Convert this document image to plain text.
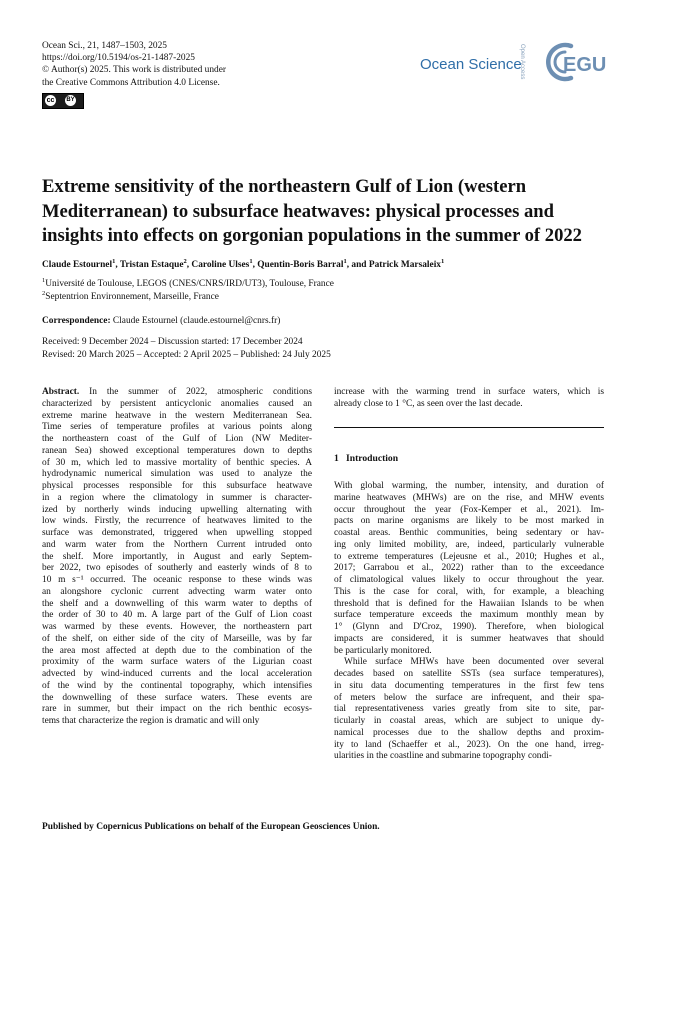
Ocean Sci., 21, 1487–1503, 2025
https://doi.org/10.5194/os-21-1487-2025
© Author(s) 2025. This work is distributed under
the Creative Commons Attribution 4.0 License.
cc BY
Ocean Science
Open Access EGU
Extreme sensitivity of the northeastern Gulf of Lion (western
Mediterranean) to subsurface heatwaves: physical processes and
insights into effects on gorgonian populations in the summer of 2022
Claude Estournel$^1$, Tristan Estaque$^2$, Caroline Ulses$^1$, Quentin-Boris Barral$^1$, and Patrick Marsaleix$^1$
$^1$Université de Toulouse, LEGOS (CNES/CNRS/IRD/UT3), Toulouse, France
$^2$Septentrion Environnement, Marseille, France
Correspondence: Claude Estournel (claude.estournel@cnrs.fr)
Received: 9 December 2024 – Discussion started: 17 December 2024
Revised: 20 March 2025 – Accepted: 2 April 2025 – Published: 24 July 2025
Abstract. In the summer of 2022, atmospheric conditions
characterized by persistent anticyclonic anomalies caused an
extreme marine heatwave in the western Mediterranean Sea.
Time series of temperature profiles at various points along
the northeastern coast of the Gulf of Lion (NW Mediter-
ranean Sea) showed exceptional temperatures down to depths
of 30 m, which led to massive mortality of benthic species. A
hydrodynamic numerical simulation was used to analyze the
physical processes responsible for this subsurface heatwave
in a region where the climatology in summer is character-
ized by northerly winds inducing upwelling alternating with
low winds. Firstly, the recurrence of heatwaves limited to the
surface was demonstrated, triggered when upwelling stopped
and warm water from the Northern Current intruded onto
the shelf. More importantly, in August and early Septem-
ber 2022, two episodes of southerly and easterly winds of 8 to
10 m s⁻¹ occurred. The oceanic response to these winds was
an alongshore cyclonic current advecting warm water onto
the shelf and a downwelling of this warm water to depths of
the order of 30 to 40 m. A large part of the Gulf of Lion coast
was warmed by these events. However, the northeastern part
of the shelf, on either side of the city of Marseille, was by far
the area most affected at depth due to the combination of the
proximity of the warm surface waters of the Ligurian coast
advected by wind-induced currents and the local acceleration
of the wind by the continental topography, which intensifies
the downwelling of these surface waters. These events are
rare in summer, but their impact on the rich benthic ecosys-
tems that characterize the region is dramatic and will only
increase with the warming trend in surface waters, which is
already close to 1 °C, as seen over the last decade.
1 Introduction
With global warming, the number, intensity, and duration of
marine heatwaves (MHWs) are on the rise, and MHW events
occur throughout the year (Fox-Kemper et al., 2021). Im-
pacts on marine organisms are likely to be most marked in
coastal areas. Benthic communities, being sedentary or hav-
ing only limited mobility, are, indeed, particularly vulnerable
to extreme temperatures (Lejeusne et al., 2010; Hughes et al.,
2017; Garrabou et al., 2022) rather than to the exceedance
of climatological values likely to occur throughout the year.
This is the case for coral, with, for example, a bleaching
threshold that is defined for the Hawaiian Islands to be when
surface temperature exceeds the maximum monthly mean by
1° (Glynn and D'Croz, 1990). Therefore, when biological
impacts are considered, it is summer heatwaves that should
be particularly monitored.
While surface MHWs have been documented over several
decades based on satellite SSTs (sea surface temperatures),
in situ data documenting temperatures in the first few tens
of meters below the surface are infrequent, and their spa-
tial representativeness varies greatly from site to site, par-
ticularly in coastal areas, which are subject to unique dy-
namical processes due to the shallow depths and proxim-
ity to land (Schaeffer et al., 2023). On the one hand, irreg-
ularities in the coastline and submarine topography condi-
Published by Copernicus Publications on behalf of the European Geosciences Union.
